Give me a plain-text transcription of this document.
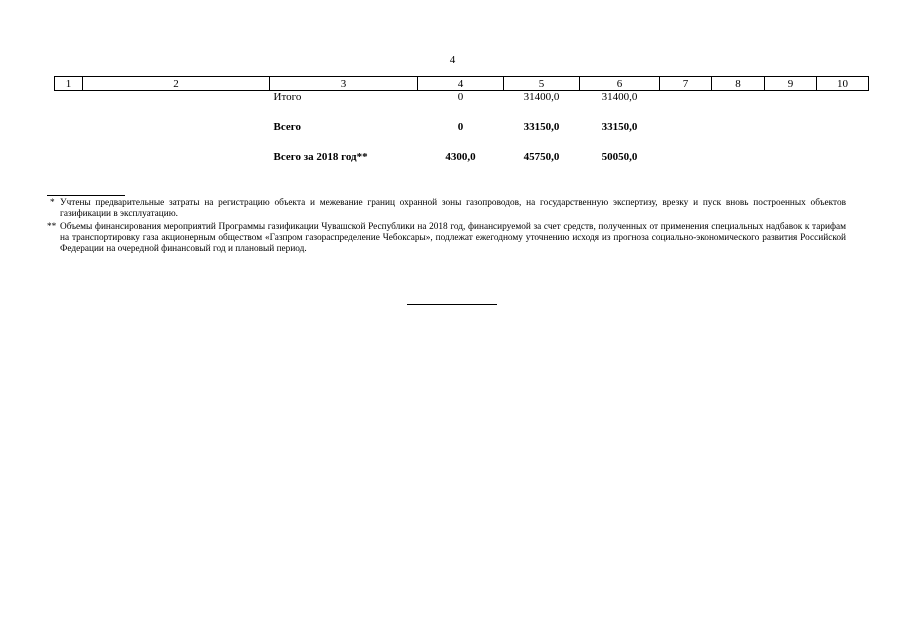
4
1	2	3	4	5	6	7	8	9	10
		Итого	0	31400,0	31400,0				

		Всего	0	33150,0	33150,0				

		Всего за 2018 год**	4300,0	45750,0	50050,0				
* Учтены предварительные затраты на регистрацию объекта и межевание границ охранной зоны газопроводов, на государственную экспертизу, врезку и пуск вновь построенных объектов газификации в эксплуатацию.
** Объемы финансирования мероприятий Программы газификации Чувашской Республики на 2018 год, финансируемой за счет средств, полученных от применения специальных надбавок к тарифам на транспортировку газа акционерным обществом «Газпром газораспределение Чебоксары», подлежат ежегодному уточнению исходя из прогноза социально-экономического развития Российской Федерации на очередной финансовый год и плановый период.
